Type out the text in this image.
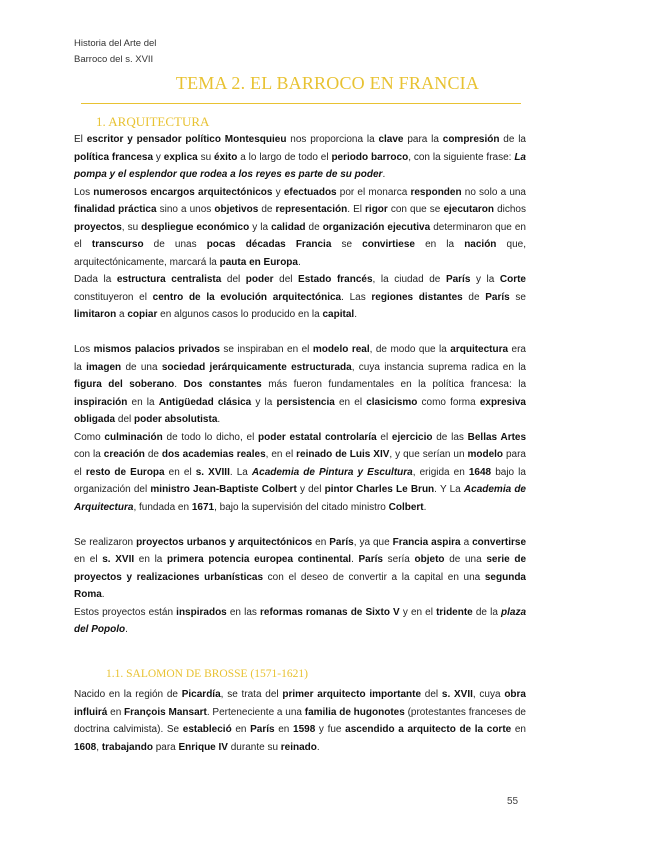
Historia del Arte del
Barroco del s. XVII
TEMA 2. EL BARROCO EN FRANCIA
1. ARQUITECTURA

El escritor y pensador político Montesquieu nos proporciona la clave para la compresión de la política francesa y explica su éxito a lo largo de todo el periodo barroco, con la siguiente frase: La pompa y el esplendor que rodea a los reyes es parte de su poder.

Los numerosos encargos arquitectónicos y efectuados por el monarca responden no solo a una finalidad práctica sino a unos objetivos de representación. El rigor con que se ejecutaron dichos proyectos, su despliegue económico y la calidad de organización ejecutiva determinaron que en el transcurso de unas pocas décadas Francia se convirtiese en la nación que, arquitectónicamente, marcará la pauta en Europa.

Dada la estructura centralista del poder del Estado francés, la ciudad de París y la Corte constituyeron el centro de la evolución arquitectónica. Las regiones distantes de París se limitaron a copiar en algunos casos lo producido en la capital.

Los mismos palacios privados se inspiraban en el modelo real, de modo que la arquitectura era la imagen de una sociedad jerárquicamente estructurada, cuya instancia suprema radica en la figura del soberano. Dos constantes más fueron fundamentales en la política francesa: la inspiración en la Antigüedad clásica y la persistencia en el clasicismo como forma expresiva obligada del poder absolutista.

Como culminación de todo lo dicho, el poder estatal controlaría el ejercicio de las Bellas Artes con la creación de dos academias reales, en el reinado de Luis XIV, y que serían un modelo para el resto de Europa en el s. XVIII. La Academia de Pintura y Escultura, erigida en 1648 bajo la organización del ministro Jean-Baptiste Colbert y del pintor Charles Le Brun. Y La Academia de Arquitectura, fundada en 1671, bajo la supervisión del citado ministro Colbert.

Se realizaron proyectos urbanos y arquitectónicos en París, ya que Francia aspira a convertirse en el s. XVII en la primera potencia europea continental. París sería objeto de una serie de proyectos y realizaciones urbanísticas con el deseo de convertir a la capital en una segunda Roma.

Estos proyectos están inspirados en las reformas romanas de Sixto V y en el tridente de la plaza del Popolo.

1.1. SALOMON DE BROSSE (1571-1621)

Nacido en la región de Picardía, se trata del primer arquitecto importante del s. XVII, cuya obra influirá en François Mansart. Perteneciente a una familia de hugonotes (protestantes franceses de doctrina calvimista). Se estableció en París en 1598 y fue ascendido a arquitecto de la corte en 1608, trabajando para Enrique IV durante su reinado.

55
